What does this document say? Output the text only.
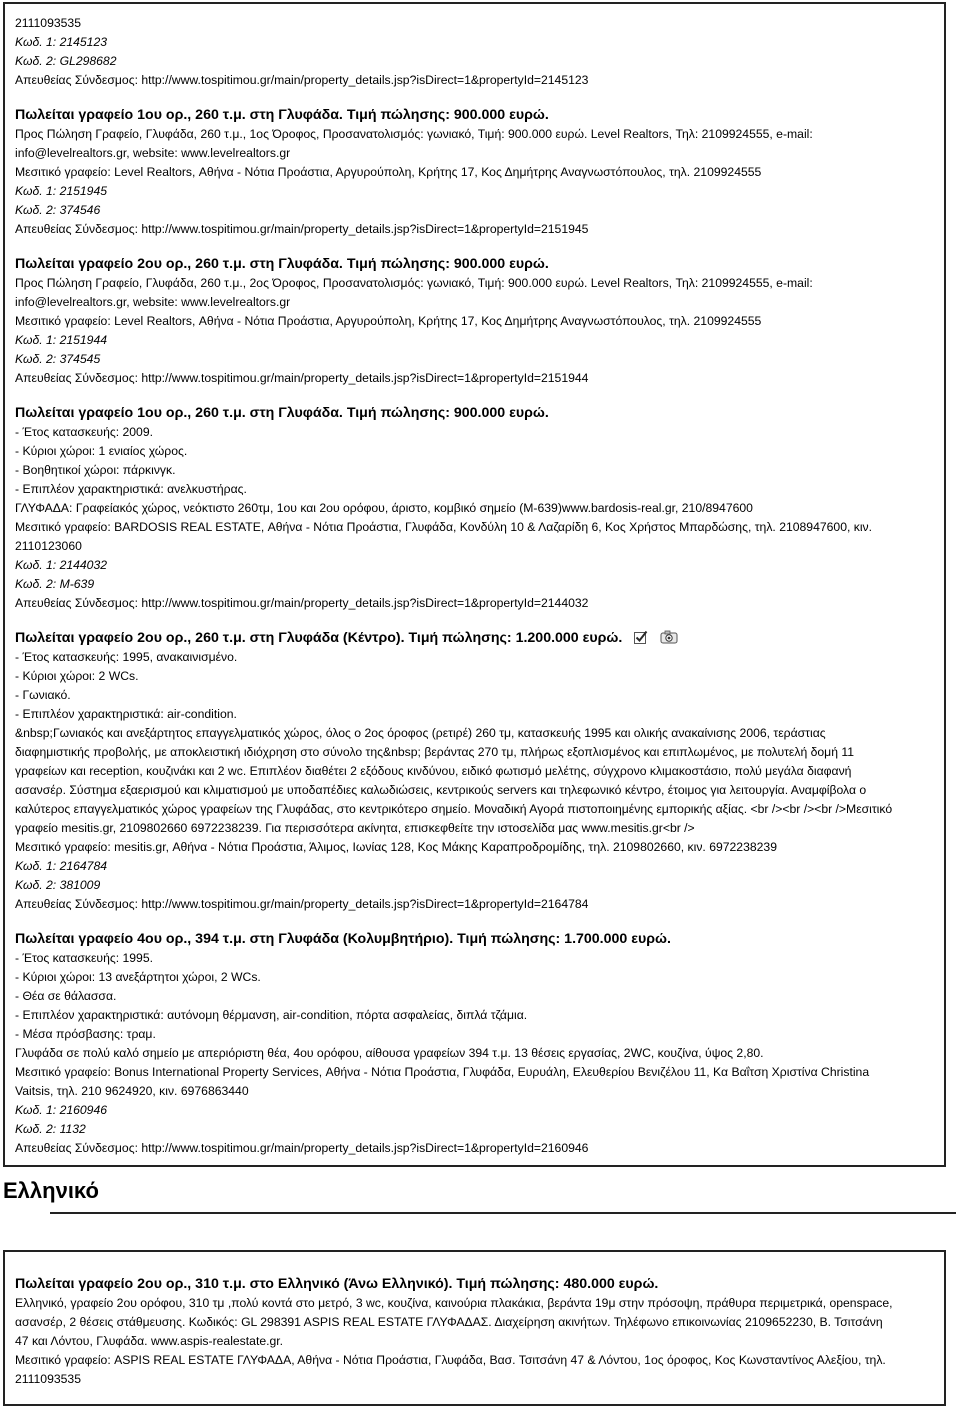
2111093535
Κωδ. 1: 2145123
Κωδ. 2: GL298682
Απευθείας Σύνδεσμος: http://www.tospitimou.gr/main/property_details.jsp?isDirect=1&propertyId=2145123
Πωλείται γραφείο 1ου ορ., 260 τ.μ. στη Γλυφάδα. Τιμή πώλησης: 900.000 ευρώ.
Προς Πώληση Γραφείο, Γλυφάδα, 260 τ.μ., 1ος Όροφος, Προσανατολισμός: γωνιακό, Τιμή: 900.000 ευρώ. Level Realtors, Τηλ: 2109924555, e-mail:
info@levelrealtors.gr, website: www.levelrealtors.gr
Μεσιτικό γραφείο: Level Realtors, Αθήνα - Νότια Προάστια, Αργυρούπολη, Κρήτης 17, Κος Δημήτρης Αναγνωστόπουλος, τηλ. 2109924555
Κωδ. 1: 2151945
Κωδ. 2: 374546
Απευθείας Σύνδεσμος: http://www.tospitimou.gr/main/property_details.jsp?isDirect=1&propertyId=2151945
Πωλείται γραφείο 2ου ορ., 260 τ.μ. στη Γλυφάδα. Τιμή πώλησης: 900.000 ευρώ.
Προς Πώληση Γραφείο, Γλυφάδα, 260 τ.μ., 2ος Όροφος, Προσανατολισμός: γωνιακό, Τιμή: 900.000 ευρώ. Level Realtors, Τηλ: 2109924555, e-mail:
info@levelrealtors.gr, website: www.levelrealtors.gr
Μεσιτικό γραφείο: Level Realtors, Αθήνα - Νότια Προάστια, Αργυρούπολη, Κρήτης 17, Κος Δημήτρης Αναγνωστόπουλος, τηλ. 2109924555
Κωδ. 1: 2151944
Κωδ. 2: 374545
Απευθείας Σύνδεσμος: http://www.tospitimou.gr/main/property_details.jsp?isDirect=1&propertyId=2151944
Πωλείται γραφείο 1ου ορ., 260 τ.μ. στη Γλυφάδα. Τιμή πώλησης: 900.000 ευρώ.
- Έτος κατασκευής: 2009.
- Κύριοι χώροι: 1 ενιαίος χώρος.
- Βοηθητικοί χώροι: πάρκινγκ.
- Επιπλέον χαρακτηριστικά: ανελκυστήρας.
ΓΛΥΦΑΔΑ: Γραφείακός χώρος, νεόκτιστο 260τμ, 1ου και 2ου ορόφου, άριστο, κομβικό σημείο (M-639)www.bardosis-real.gr, 210/8947600
Μεσιτικό γραφείο: BARDOSIS REAL ESTATE, Αθήνα - Νότια Προάστια, Γλυφάδα, Κονδύλη 10 & Λαζαρίδη 6, Κος Χρήστος Μπαρδώσης, τηλ. 2108947600, κιν.
2110123060
Κωδ. 1: 2144032
Κωδ. 2: M-639
Απευθείας Σύνδεσμος: http://www.tospitimou.gr/main/property_details.jsp?isDirect=1&propertyId=2144032
Πωλείται γραφείο 2ου ορ., 260 τ.μ. στη Γλυφάδα (Κέντρο). Τιμή πώλησης: 1.200.000 ευρώ.
- Έτος κατασκευής: 1995, ανακαινισμένο.
- Κύριοι χώροι: 2 WCs.
- Γωνιακό.
- Επιπλέον χαρακτηριστικά: air-condition.
&nbsp;Γωνιακός και ανεξάρτητος επαγγελματικός χώρος, όλος ο 2ος όροφος (ρετιρέ) 260 τμ, κατασκευής 1995 και ολικής ανακαίνισης 2006, τεράστιας
διαφημιστικής προβολής, με αποκλειστική ιδιόχρηση στο σύνολο της&nbsp; βεράντας 270 τμ, πλήρως εξοπλισμένος και επιπλωμένος, με πολυτελή δομή 11
γραφείων και reception, κουζινάκι και 2 wc. Επιπλέον διαθέτει 2 εξόδους κινδύνου, ειδικό φωτισμό μελέτης, σύγχρονο κλιμακοστάσιο, πολύ μεγάλα διαφανή
ασανσέρ. Σύστημα εξαερισμού και κλιματισμού με υποδαπέδιες καλωδιώσεις, κεντρικούς servers και τηλεφωνικό κέντρο, έτοιμος για λειτουργία. Αναμφίβολα ο
καλύτερος επαγγελματικός χώρος γραφείων της Γλυφάδας, στο κεντρικότερο σημείο. Μοναδική Αγορά πιστοποιημένης εμπορικής αξίας. <br /><br /><br />Μεσιτικό
γραφείο mesitis.gr, 2109802660 6972238239. Για περισσότερα ακίνητα, επισκεφθείτε την ιστοσελίδα μας www.mesitis.gr<br />
Μεσιτικό γραφείο: mesitis.gr, Αθήνα - Νότια Προάστια, Άλιμος, Ιωνίας 128, Κος Μάκης Καραπροδρομίδης, τηλ. 2109802660, κιν. 6972238239
Κωδ. 1: 2164784
Κωδ. 2: 381009
Απευθείας Σύνδεσμος: http://www.tospitimou.gr/main/property_details.jsp?isDirect=1&propertyId=2164784
Πωλείται γραφείο 4ου ορ., 394 τ.μ. στη Γλυφάδα (Κολυμβητήριο). Τιμή πώλησης: 1.700.000 ευρώ.
- Έτος κατασκευής: 1995.
- Κύριοι χώροι: 13 ανεξάρτητοι χώροι, 2 WCs.
- Θέα σε θάλασσα.
- Επιπλέον χαρακτηριστικά: αυτόνομη θέρμανση, air-condition, πόρτα ασφαλείας, διπλά τζάμια.
- Μέσα πρόσβασης: τραμ.
Γλυφάδα σε πολύ καλό σημείο με απεριόριστη θέα, 4ου ορόφου, αίθουσα γραφείων 394 τ.μ. 13 θέσεις εργασίας, 2WC, κουζίνα, ύψος 2,80.
Μεσιτικό γραφείο: Bonus International Property Services, Αθήνα - Νότια Προάστια, Γλυφάδα, Ευρυάλη, Ελευθερίου Βενιζέλου 11, Κα Βαΐτση Χριστίνα Christina
Vaitsis, τηλ. 210 9624920, κιν. 6976863440
Κωδ. 1: 2160946
Κωδ. 2: 1132
Απευθείας Σύνδεσμος: http://www.tospitimou.gr/main/property_details.jsp?isDirect=1&propertyId=2160946
Ελληνικό
Πωλείται γραφείο 2ου ορ., 310 τ.μ. στο Ελληνικό (Άνω Ελληνικό). Τιμή πώλησης: 480.000 ευρώ.
Ελληνικό, γραφείο 2ου ορόφου, 310 τμ ,πολύ κοντά στο μετρό, 3 wc, κουζίνα, καινούρια πλακάκια, βεράντα 19μ στην πρόσοψη, πράθυρα περιμετρικά, openspace,
ασανσέρ, 2 θέσεις στάθμευσης. Κωδικός: GL 298391 ASPIS REAL ESTATE ΓΛΥΦΑΔΑΣ. Διαχείρηση ακινήτων. Τηλέφωνο επικοινωνίας 2109652230, Β. Τσιτσάνη
47 και Λόντου, Γλυφάδα. www.aspis-realestate.gr.
Μεσιτικό γραφείο: ASPIS REAL ESTATE ΓΛΥΦΑΔΑ, Αθήνα - Νότια Προάστια, Γλυφάδα, Βασ. Τσιτσάνη 47 & Λόντου, 1ος όροφος, Κος Κωνσταντίνος Αλεξίου, τηλ.
2111093535
